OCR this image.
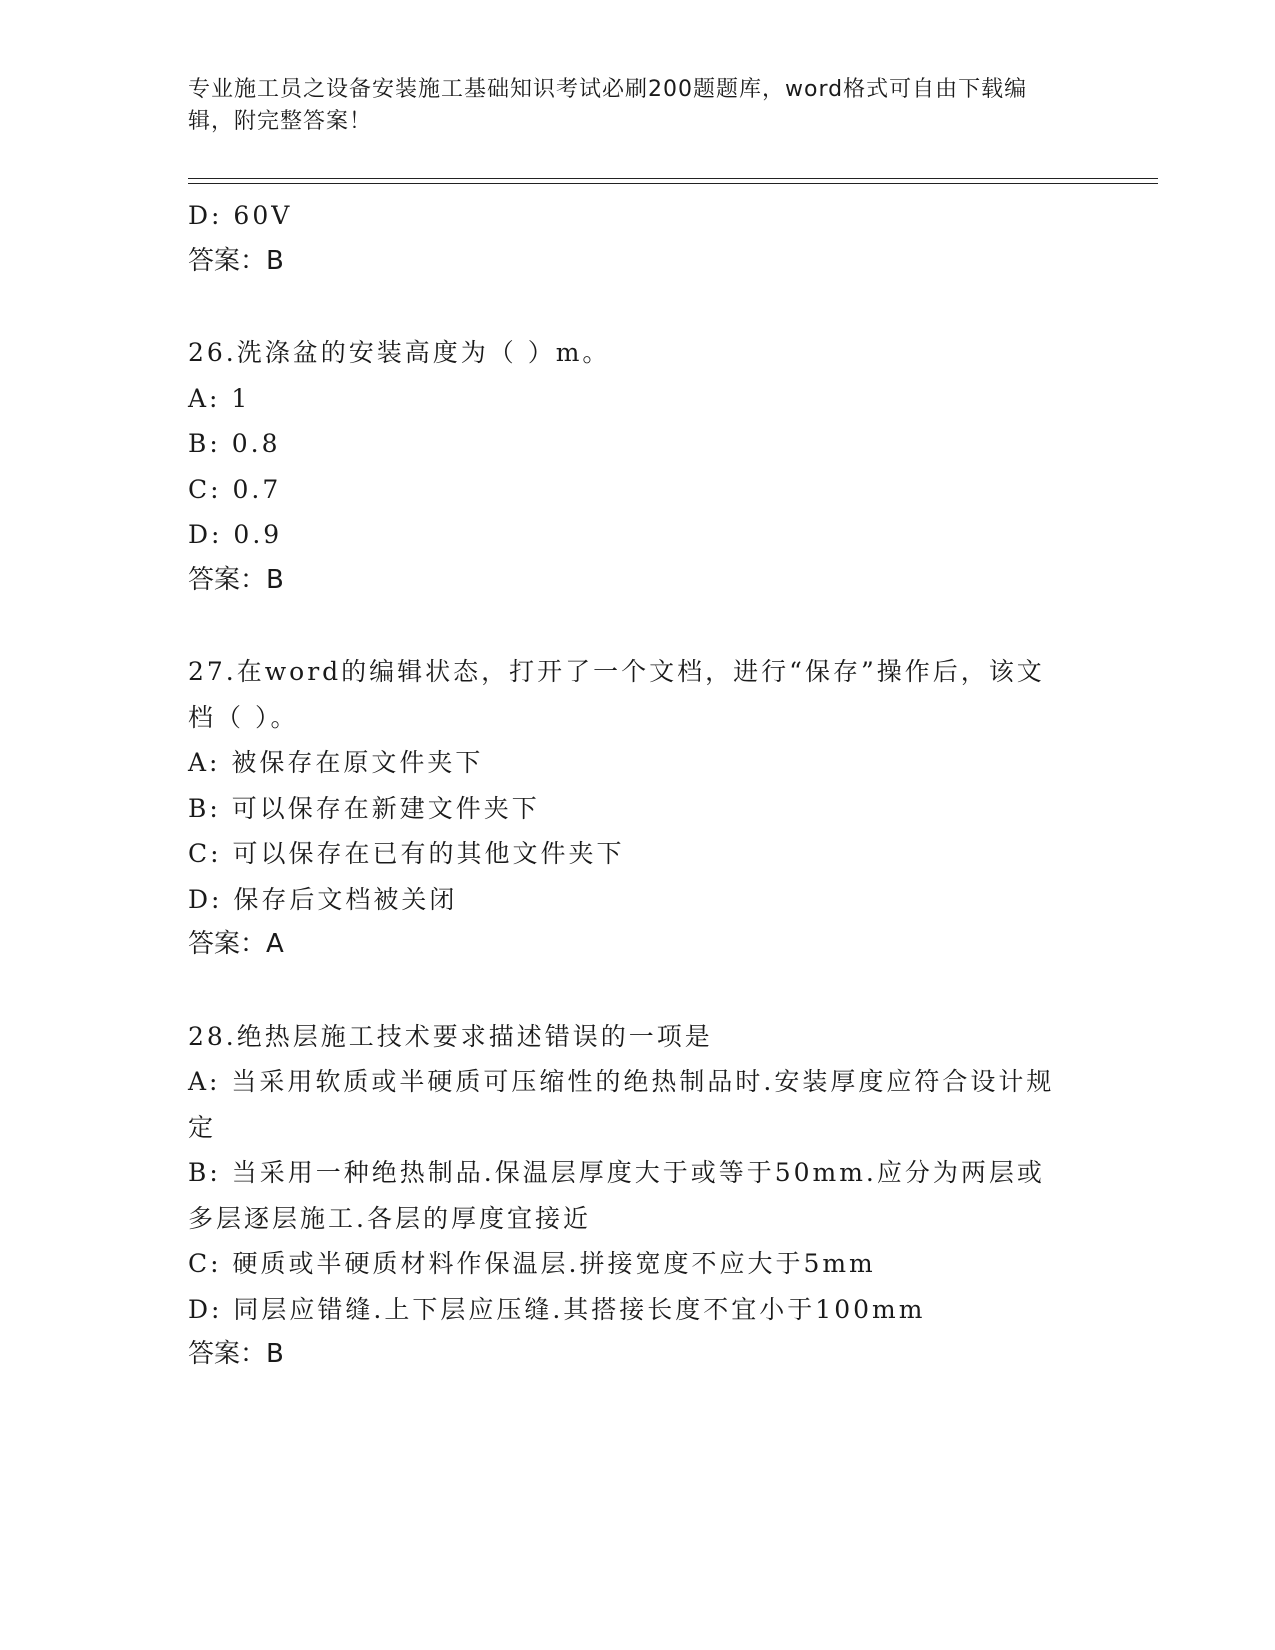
专业施工员之设备安装施工基础知识考试必刷200题题库，word格式可自由下载编辑，附完整答案！
D: 60V
答案：B
26.洗涤盆的安装高度为（ ）m。
A: 1
B: 0.8
C: 0.7
D: 0.9
答案：B
27.在word的编辑状态，打开了一个文档，进行“保存”操作后，该文档（ ）。
A: 被保存在原文件夹下
B: 可以保存在新建文件夹下
C: 可以保存在已有的其他文件夹下
D: 保存后文档被关闭
答案：A
28.绝热层施工技术要求描述错误的一项是
A: 当采用软质或半硬质可压缩性的绝热制品时.安装厚度应符合设计规定
B: 当采用一种绝热制品.保温层厚度大于或等于50mm.应分为两层或多层逐层施工.各层的厚度宜接近
C: 硬质或半硬质材料作保温层.拼接宽度不应大于5mm
D: 同层应错缝.上下层应压缝.其搭接长度不宜小于100mm
答案：B
